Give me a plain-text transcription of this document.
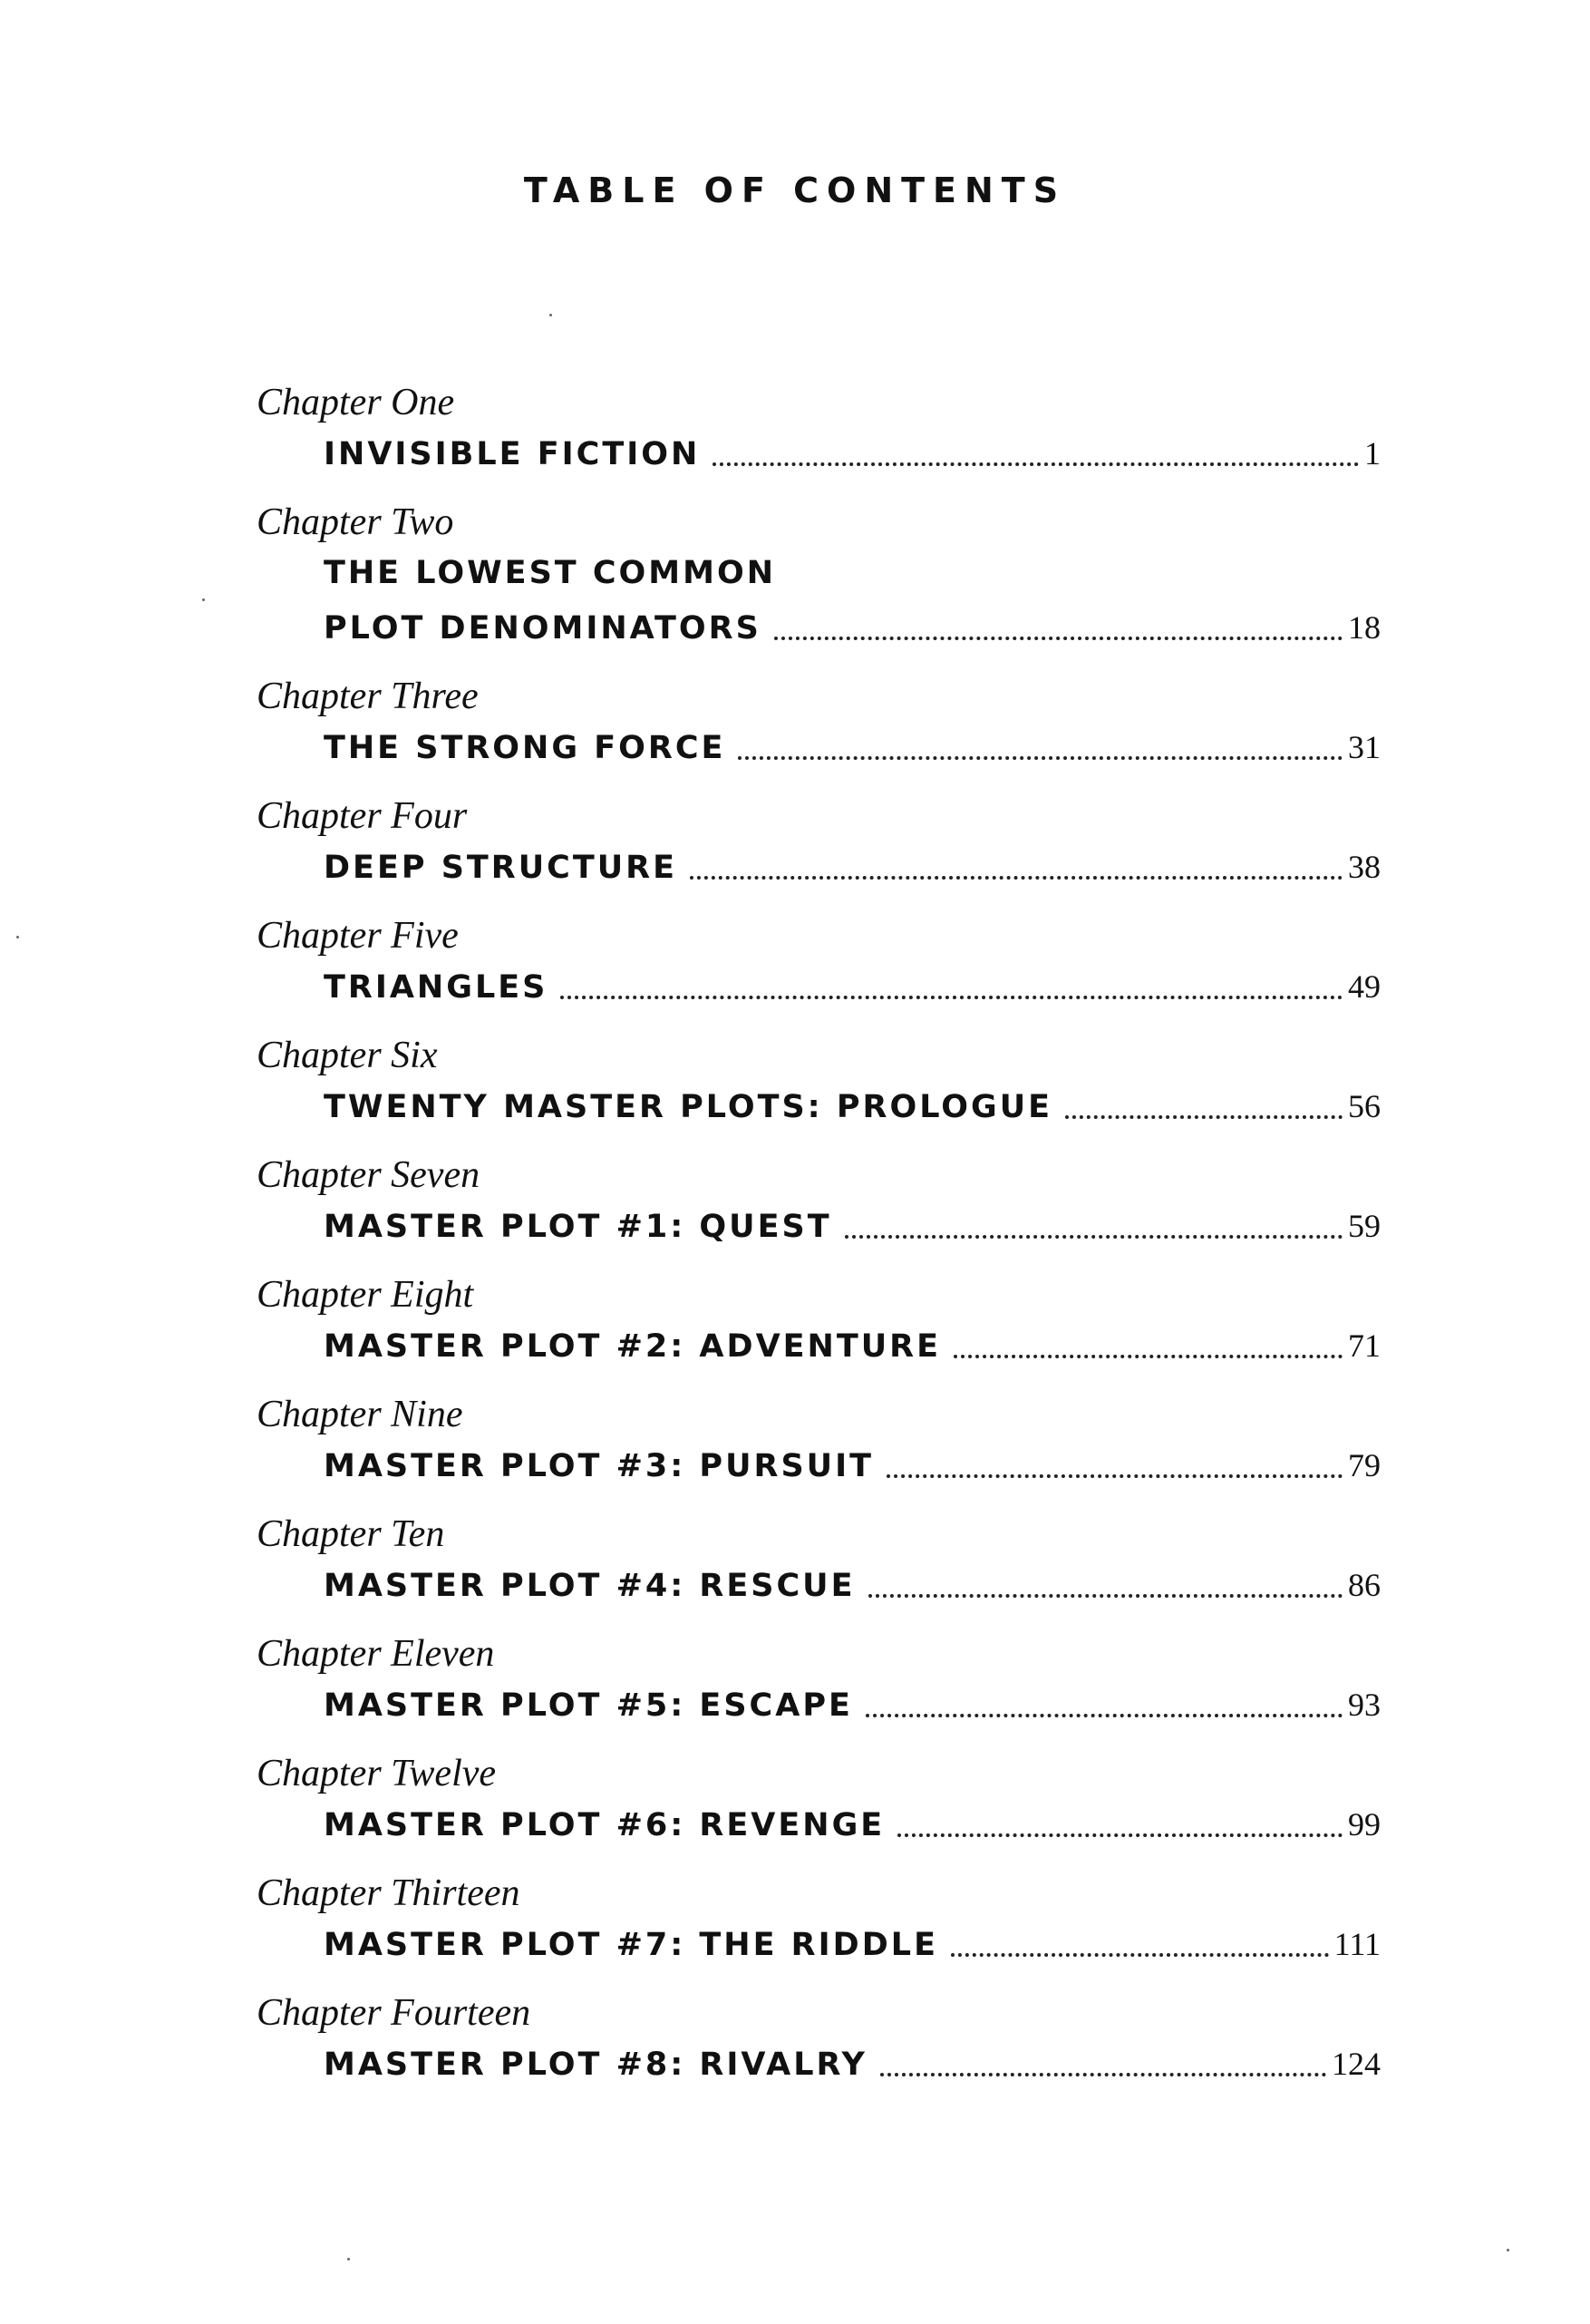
TABLE OF CONTENTS
Chapter One
INVISIBLE FICTION	1
Chapter Two
THE LOWEST COMMON
PLOT DENOMINATORS	18
Chapter Three
THE STRONG FORCE	31
Chapter Four
DEEP STRUCTURE	38
Chapter Five
TRIANGLES	49
Chapter Six
TWENTY MASTER PLOTS: PROLOGUE	56
Chapter Seven
MASTER PLOT #1: QUEST	59
Chapter Eight
MASTER PLOT #2: ADVENTURE	71
Chapter Nine
MASTER PLOT #3: PURSUIT	79
Chapter Ten
MASTER PLOT #4: RESCUE	86
Chapter Eleven
MASTER PLOT #5: ESCAPE	93
Chapter Twelve
MASTER PLOT #6: REVENGE	99
Chapter Thirteen
MASTER PLOT #7: THE RIDDLE	111
Chapter Fourteen
MASTER PLOT #8: RIVALRY	124
